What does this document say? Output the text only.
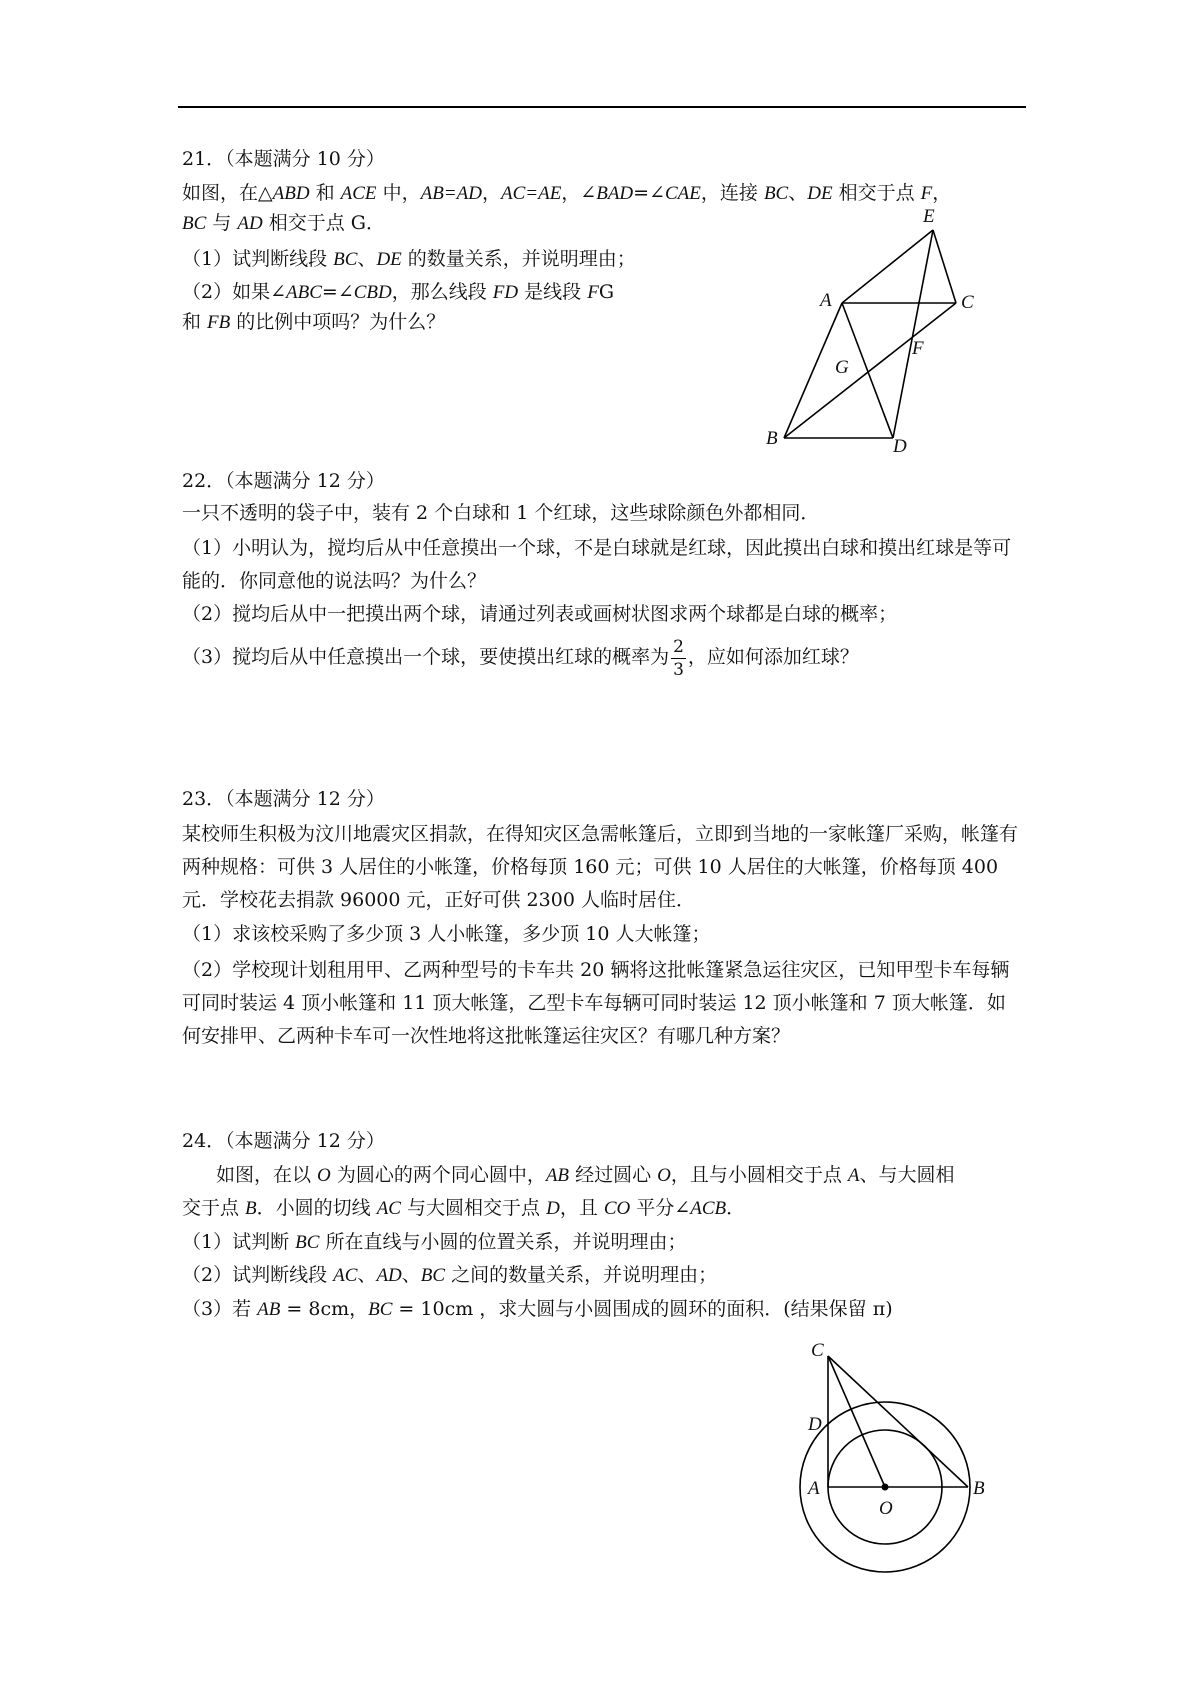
21．（本题满分 10 分）
如图，在△ABD 和 ACE 中，AB=AD，AC=AE，∠BAD=∠CAE，连接 BC、DE 相交于点 F，
BC 与 AD 相交于点 G．
（1）试判断线段 BC、DE 的数量关系，并说明理由；
（2）如果∠ABC=∠CBD，那么线段 FD 是线段 FG
和 FB 的比例中项吗？为什么？
E
A	C
F
G
B	D
22．（本题满分 12 分）
一只不透明的袋子中，装有 2 个白球和 1 个红球，这些球除颜色外都相同．
（1）小明认为，搅均后从中任意摸出一个球，不是白球就是红球，因此摸出白球和摸出红球是等可能的．你同意他的说法吗？为什么？
（2）搅均后从中一把摸出两个球，请通过列表或画树状图求两个球都是白球的概率；
（3）搅均后从中任意摸出一个球，要使摸出红球的概率为 $\frac{2}{3}$ ，应如何添加红球？
23．（本题满分 12 分）
某校师生积极为汶川地震灾区捐款，在得知灾区急需帐篷后，立即到当地的一家帐篷厂采购，帐篷有两种规格：可供 3 人居住的小帐篷，价格每顶 160 元；可供 10 人居住的大帐篷，价格每顶 400 元．学校花去捐款 96000 元，正好可供 2300 人临时居住．
（1）求该校采购了多少顶 3 人小帐篷，多少顶 10 人大帐篷；
（2）学校现计划租用甲、乙两种型号的卡车共 20 辆将这批帐篷紧急运往灾区，已知甲型卡车每辆可同时装运 4 顶小帐篷和 11 顶大帐篷，乙型卡车每辆可同时装运 12 顶小帐篷和 7 顶大帐篷．如何安排甲、乙两种卡车可一次性地将这批帐篷运往灾区？有哪几种方案？
24．（本题满分 12 分）
如图，在以 O 为圆心的两个同心圆中，AB 经过圆心 O，且与小圆相交于点 A、与大圆相
交于点 B．小圆的切线 AC 与大圆相交于点 D，且 CO 平分∠ACB．
（1）试判断 BC 所在直线与小圆的位置关系，并说明理由；
（2）试判断线段 AC、AD、BC 之间的数量关系，并说明理由；
（3）若 AB = 8cm，BC = 10cm ，求大圆与小圆围成的圆环的面积．(结果保留 π)
C
D
A
O
B
